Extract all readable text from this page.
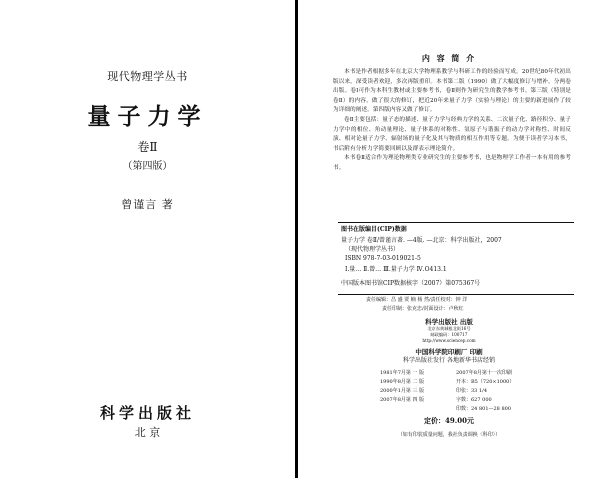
现代物理学丛书
量子力学
卷Ⅱ
（第四版）
曾谨言 著
科学出版社
北 京
内 容 简 介

本书是作者根据多年在北京大学物理系教学与科研工作的经验而写成。20世纪80年代初出版以来，深受读者欢迎，多次再版重印。本书第二版（1990）做了大幅度修订与增补，分两卷出版。卷Ⅰ可作为本科生教材或主要参考书，卷Ⅱ则作为研究生的教学参考书。第三版（特别是卷Ⅱ）的内容，做了很大的修订，把近20年来量子力学（实验与理论）的主要的新进展作了较为详细的阐述。第四版内容又做了修订。

卷Ⅱ主要包括：量子态的描述、量子力学与经典力学的关系、二次量子化、路径积分、量子力学中的相位、角动量理论、量子体系的对称性、氢原子与谐振子的动力学对称性、时间反演、相对论量子力学、辐射场的量子化及其与物质的相互作用等专题。为便于读者学习本书，书后附有分析力学简要回顾以及群表示理论简介。

本书卷Ⅱ适合作为理论物理类专业研究生的主要参考书，也是物理学工作者一本有用的参考书。

图书在版编目(CIP)数据
量子力学 卷Ⅱ/曾谨言著. —4版. —北京：科学出版社，2007
（现代物理学丛书）
ISBN 978-7-03-019021-5
Ⅰ.量… Ⅱ.曾… Ⅲ.量子力学 Ⅳ.O413.1
中国版本图书馆CIP数据核字（2007）第075367号
责任编辑：昌 盛 贾 楠 杨 然/责任校对：钟 洋
责任印制：张克忠/封面设计：卢秋红
科学出版社 出版
北京东黄城根北街16号
邮政编码：100717
http://www.sciencep.com
中国科学院印刷厂 印刷
科学出版社发行 各地新华书店经销
1981年7月第 一 版	2007年8月第十一次印刷
1990年8月第 二 版	开本：B5（720×1000）
2000年1月第 三 版	印张：33 1/4
2007年8月第 四 版	字数：627 000
印数：24 801—28 800
定价：49.00元
（如有印装质量问题，我社负责调换〈科印〉）
